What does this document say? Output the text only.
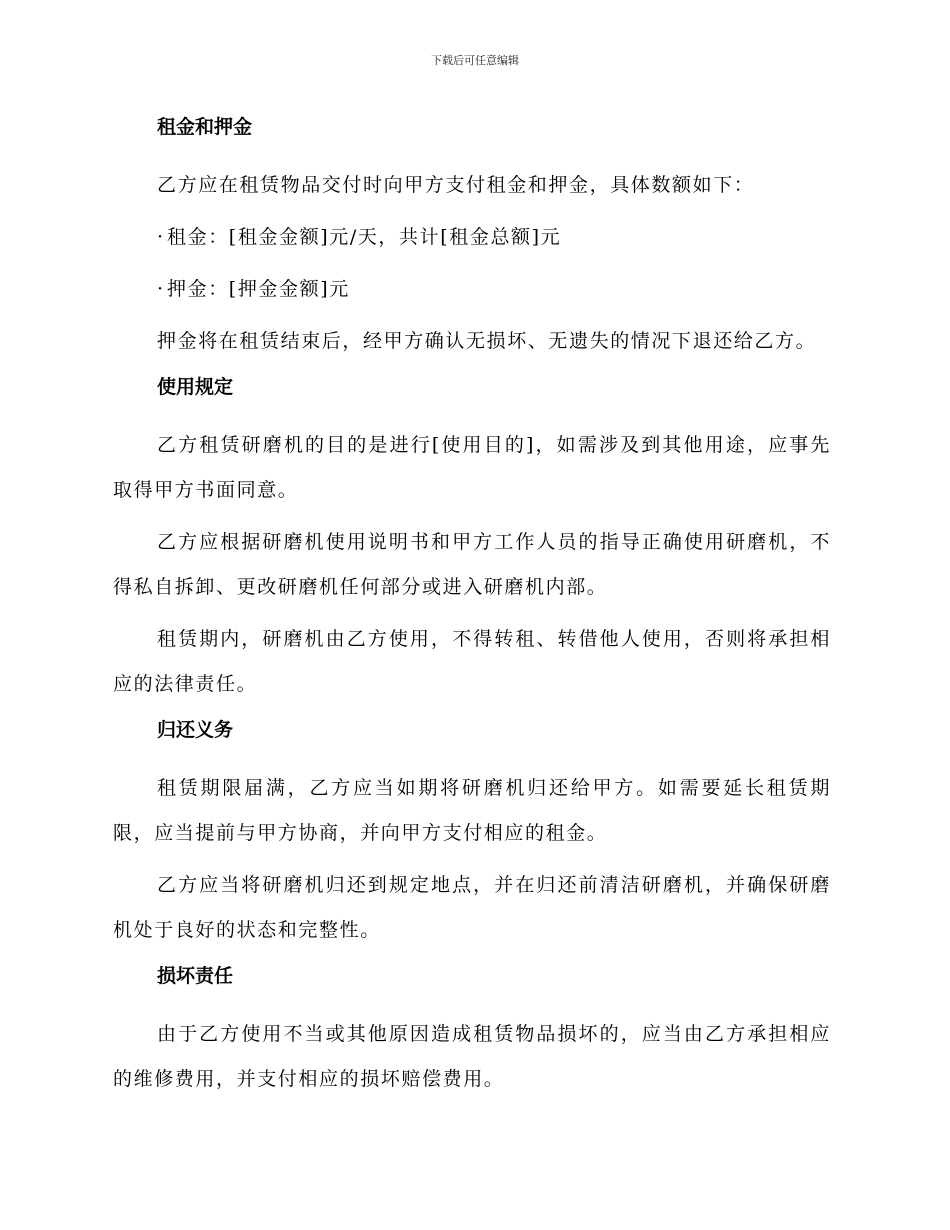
下载后可任意编辑
租金和押金

乙方应在租赁物品交付时向甲方支付租金和押金，具体数额如下：

· 租金：[租金金额]元/天，共计[租金总额]元

· 押金：[押金金额]元

押金将在租赁结束后，经甲方确认无损坏、无遗失的情况下退还给乙方。

使用规定

乙方租赁研磨机的目的是进行[使用目的]，如需涉及到其他用途，应事先取得甲方书面同意。

乙方应根据研磨机使用说明书和甲方工作人员的指导正确使用研磨机，不得私自拆卸、更改研磨机任何部分或进入研磨机内部。

租赁期内，研磨机由乙方使用，不得转租、转借他人使用，否则将承担相应的法律责任。

归还义务

租赁期限届满，乙方应当如期将研磨机归还给甲方。如需要延长租赁期限，应当提前与甲方协商，并向甲方支付相应的租金。

乙方应当将研磨机归还到规定地点，并在归还前清洁研磨机，并确保研磨机处于良好的状态和完整性。

损坏责任

由于乙方使用不当或其他原因造成租赁物品损坏的，应当由乙方承担相应的维修费用，并支付相应的损坏赔偿费用。
